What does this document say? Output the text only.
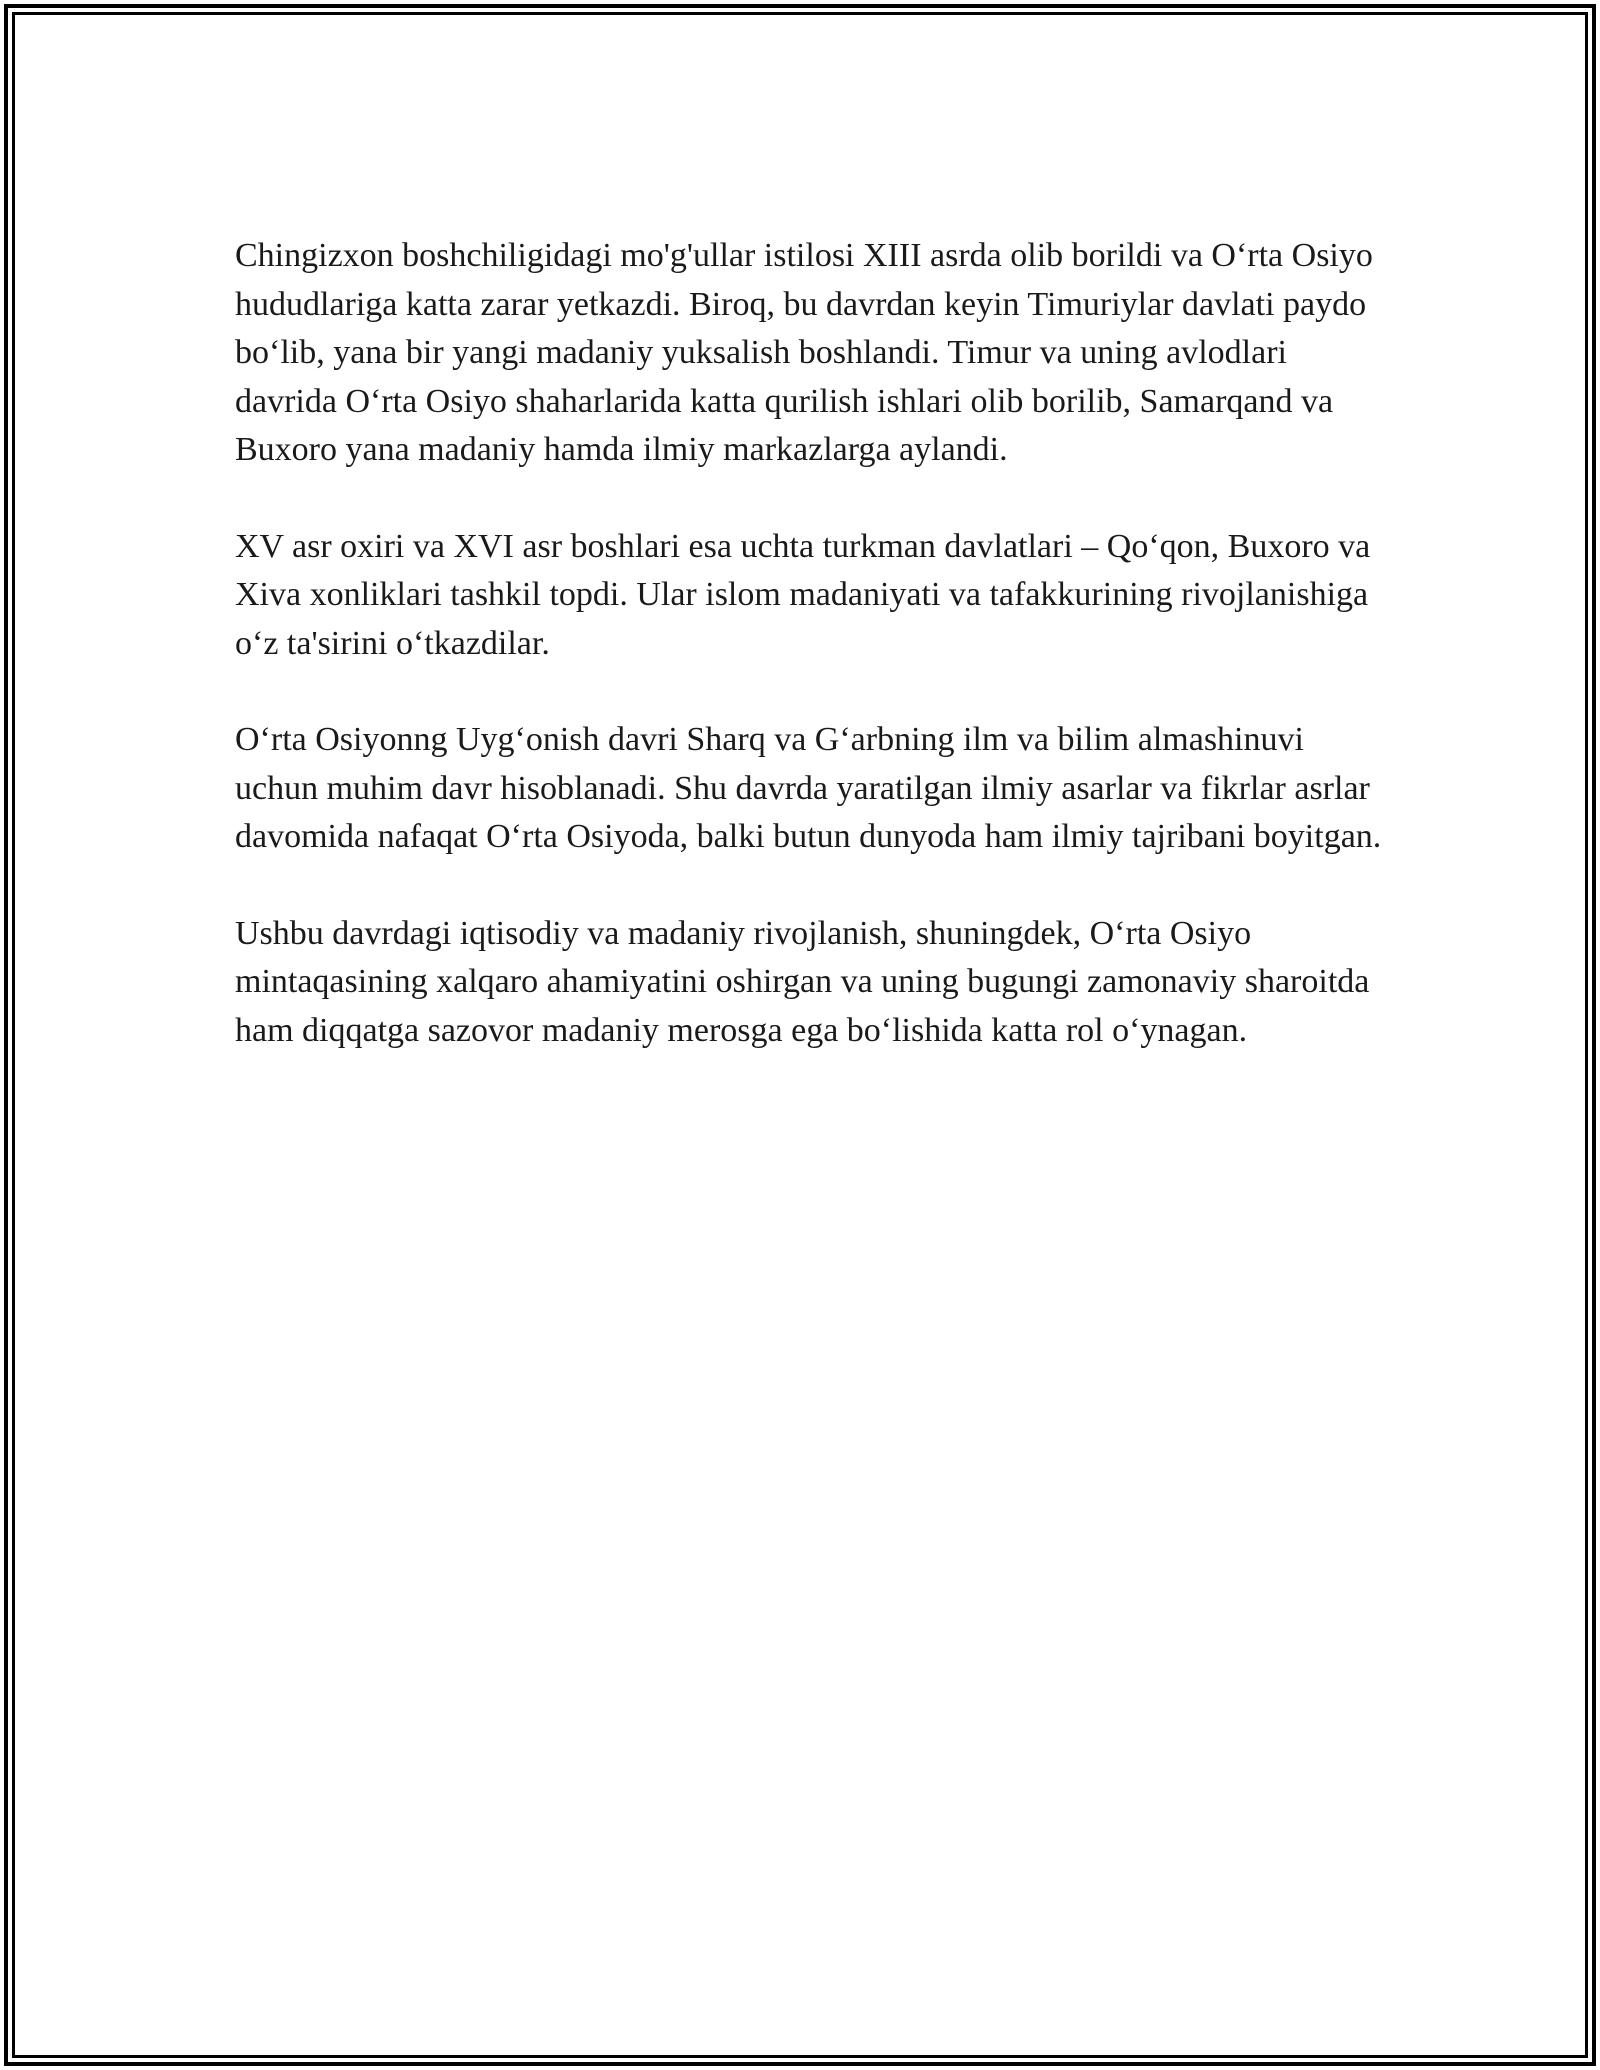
Chingizxon boshchiligidagi mo'g'ullar istilosi XIII asrda olib borildi va O‘rta Osiyo hududlariga katta zarar yetkazdi. Biroq, bu davrdan keyin Timuriylar davlati paydo bo‘lib, yana bir yangi madaniy yuksalish boshlandi. Timur va uning avlodlari davrida O‘rta Osiyo shaharlarida katta qurilish ishlari olib borilib, Samarqand va Buxoro yana madaniy hamda ilmiy markazlarga aylandi.

XV asr oxiri va XVI asr boshlari esa uchta turkman davlatlari – Qo‘qon, Buxoro va Xiva xonliklari tashkil topdi. Ular islom madaniyati va tafakkurining rivojlanishiga o‘z ta'sirini o‘tkazdilar.

O‘rta Osiyonng Uyg‘onish davri Sharq va G‘arbning ilm va bilim almashinuvi uchun muhim davr hisoblanadi. Shu davrda yaratilgan ilmiy asarlar va fikrlar asrlar davomida nafaqat O‘rta Osiyoda, balki butun dunyoda ham ilmiy tajribani boyitgan.

Ushbu davrdagi iqtisodiy va madaniy rivojlanish, shuningdek, O‘rta Osiyo mintaqasining xalqaro ahamiyatini oshirgan va uning bugungi zamonaviy sharoitda ham diqqatga sazovor madaniy merosga ega bo‘lishida katta rol o‘ynagan.
